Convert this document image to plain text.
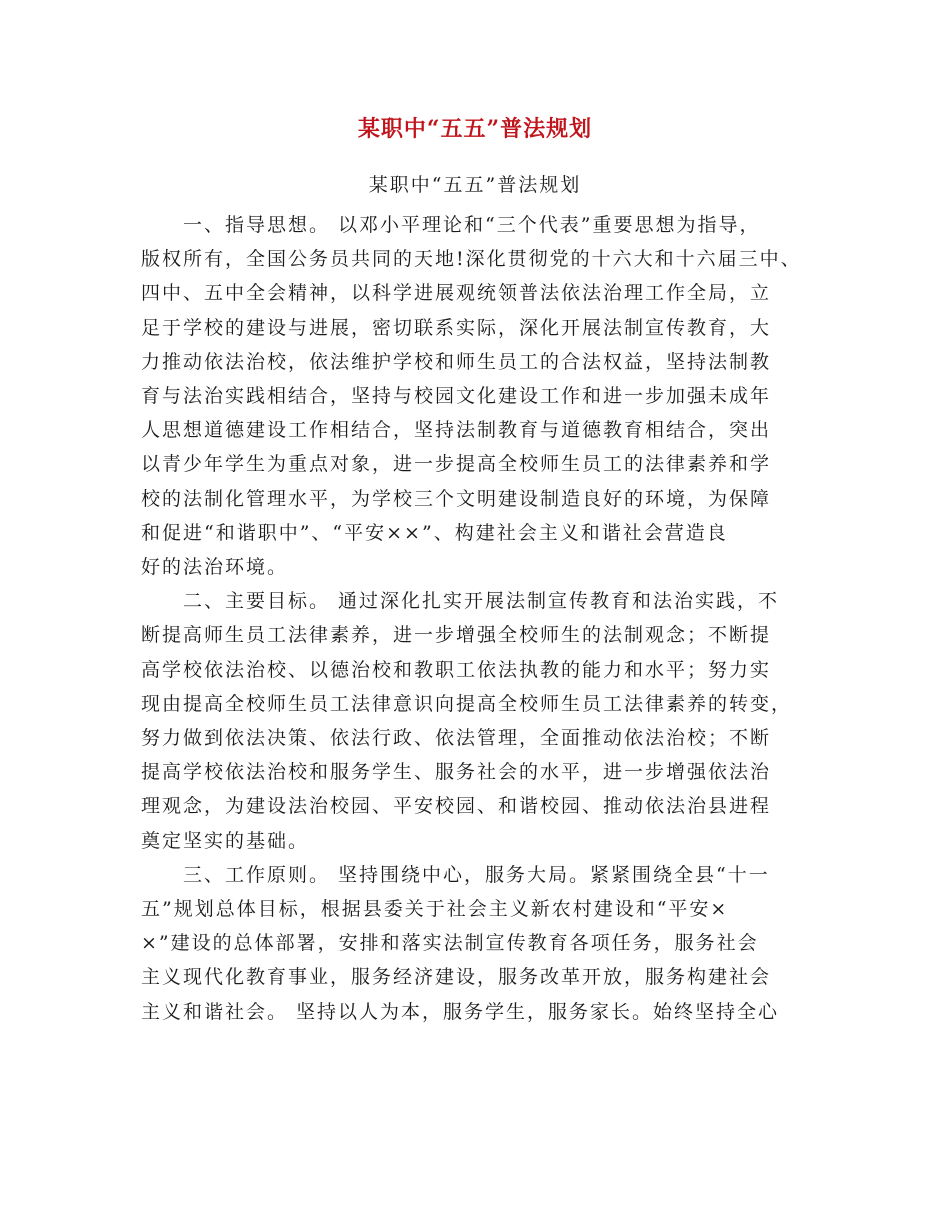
某职中“五五”普法规划
某职中“五五”普法规划
　　一、指导思想。 以邓小平理论和“三个代表”重要思想为指导，
版权所有，全国公务员共同的天地!深化贯彻党的十六大和十六届三中、
四中、五中全会精神，以科学进展观统领普法依法治理工作全局，立
足于学校的建设与进展，密切联系实际，深化开展法制宣传教育，大
力推动依法治校，依法维护学校和师生员工的合法权益，坚持法制教
育与法治实践相结合，坚持与校园文化建设工作和进一步加强未成年
人思想道德建设工作相结合，坚持法制教育与道德教育相结合，突出
以青少年学生为重点对象，进一步提高全校师生员工的法律素养和学
校的法制化管理水平，为学校三个文明建设制造良好的环境，为保障
和促进“和谐职中”、“平安××”、构建社会主义和谐社会营造良
好的法治环境。
　　二、主要目标。 通过深化扎实开展法制宣传教育和法治实践，不
断提高师生员工法律素养，进一步增强全校师生的法制观念；不断提
高学校依法治校、以德治校和教职工依法执教的能力和水平；努力实
现由提高全校师生员工法律意识向提高全校师生员工法律素养的转变，
努力做到依法决策、依法行政、依法管理，全面推动依法治校；不断
提高学校依法治校和服务学生、服务社会的水平，进一步增强依法治
理观念，为建设法治校园、平安校园、和谐校园、推动依法治县进程
奠定坚实的基础。
　　三、工作原则。 坚持围绕中心，服务大局。紧紧围绕全县“十一
五”规划总体目标，根据县委关于社会主义新农村建设和“平安×
×”建设的总体部署，安排和落实法制宣传教育各项任务，服务社会
主义现代化教育事业，服务经济建设，服务改革开放，服务构建社会
主义和谐社会。 坚持以人为本，服务学生，服务家长。始终坚持全心
